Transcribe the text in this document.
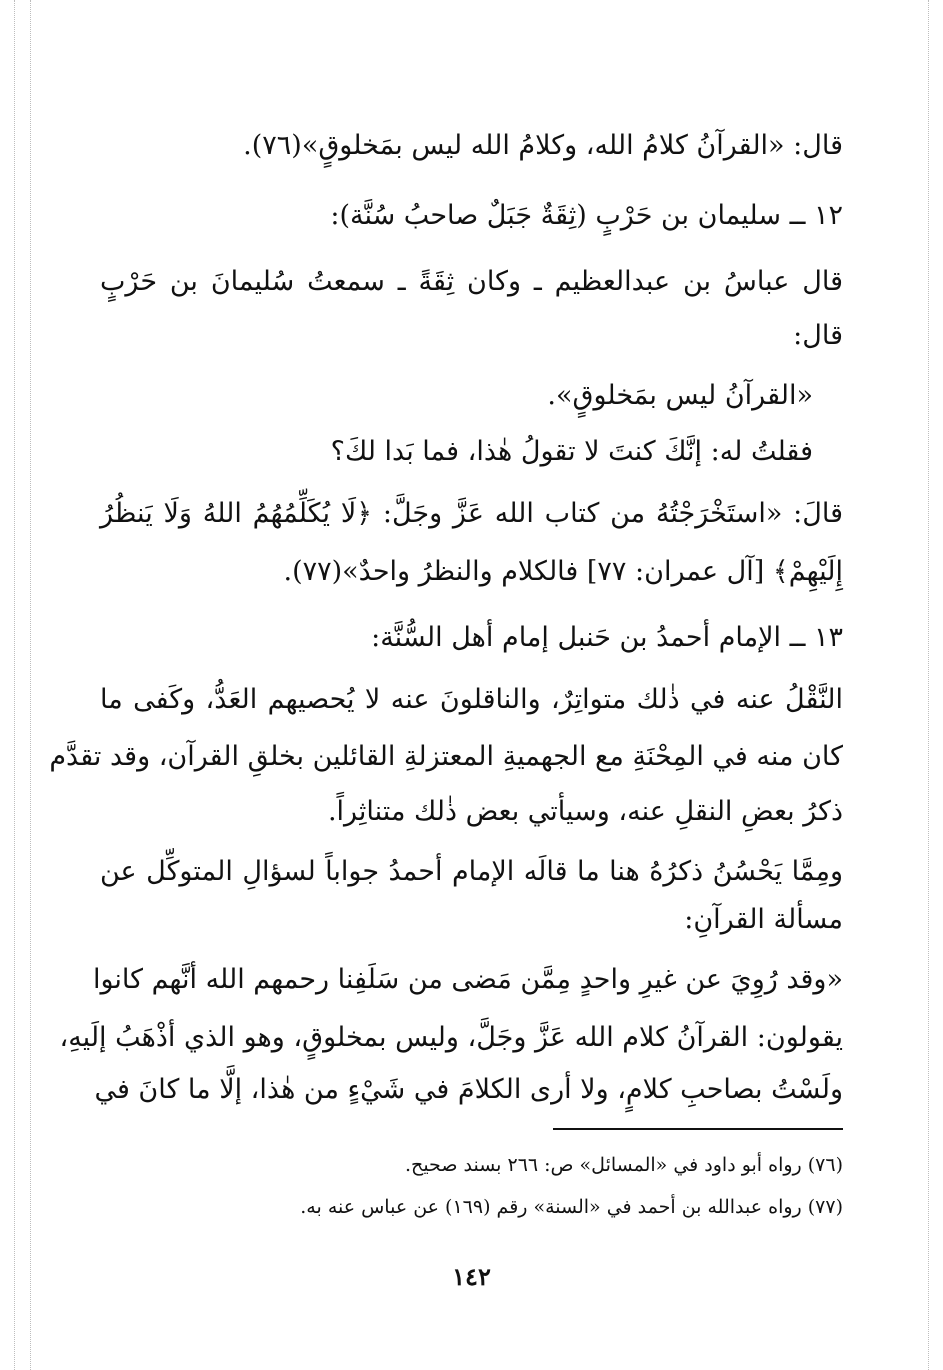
قال: «القرآنُ كلامُ الله، وكلامُ الله ليس بمَخلوقٍ»(٧٦).
١٢ ــ سليمان بن حَرْبٍ (ثِقَةٌ جَبَلٌ صاحبُ سُنَّة):
قال عباسُ بن عبدالعظيم ـ وكان ثِقَةً ـ سمعتُ سُليمانَ بن حَرْبٍ
قال:
«القرآنُ ليس بمَخلوقٍ».
فقلتُ له: إنَّكَ كنتَ لا تقولُ هٰذا، فما بَدا لكَ؟
قالَ: «استَخْرَجْتُهُ من كتاب الله عَزَّ وجَلَّ: ﴿لَا يُكَلِّمُهُمُ اللهُ وَلَا يَنظُرُ
إِلَيْهِمْ﴾ [آل عمران: ٧٧] فالكلام والنظرُ واحدٌ»(٧٧).
١٣ ــ الإمام أحمدُ بن حَنبل إمام أهل السُّنَّة:
النَّقْلُ عنه في ذٰلك متواتِرٌ، والناقلونَ عنه لا يُحصيهم العَدُّ، وكَفى ما
كان منه في المِحْنَةِ مع الجهميةِ المعتزلةِ القائلين بخلقِ القرآن، وقد تقدَّم
ذكرُ بعضِ النقلِ عنه، وسيأتي بعض ذٰلك متناثِراً.
ومِمَّا يَحْسُنُ ذكرُهُ هنا ما قالَه الإمام أحمدُ جواباً لسؤالِ المتوكِّل عن
مسألة القرآنِ:
«وقد رُوِيَ عن غيرِ واحدٍ مِمَّن مَضى من سَلَفِنا رحمهم الله أنَّهم كانوا
يقولون: القرآنُ كلام الله عَزَّ وجَلَّ، وليس بمخلوقٍ، وهو الذي أذْهَبُ إلَيهِ،
ولَسْتُ بصاحبِ كلامٍ، ولا أرى الكلامَ في شَيْءٍ من هٰذا، إلَّا ما كانَ في
(٧٦) رواه أبو داود في «المسائل» ص: ٢٦٦ بسند صحيح.
(٧٧) رواه عبدالله بن أحمد في «السنة» رقم (١٦٩) عن عباس عنه به.
١٤٢
